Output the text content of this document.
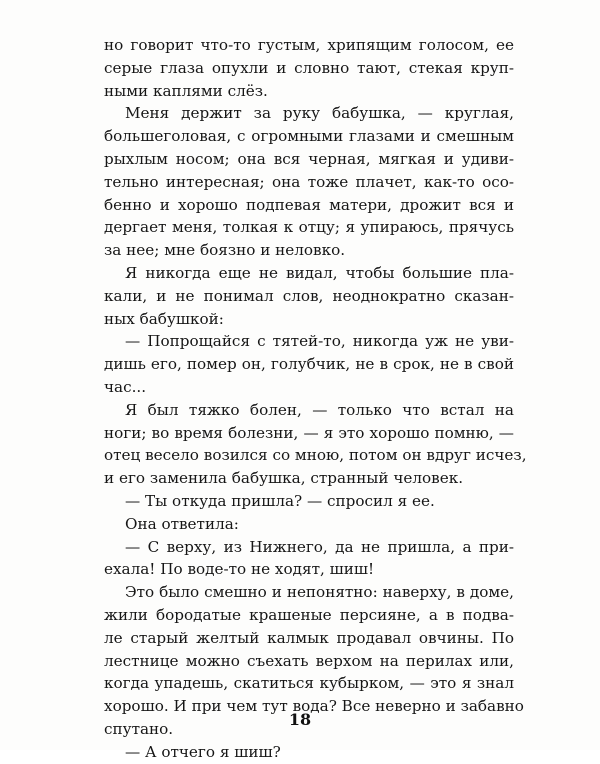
но говорит что-то густым, хрипящим голосом, ее
серые глаза опухли и словно тают, стекая круп-
ными каплями слёз.
Меня держит за руку бабушка, — круглая,
большеголовая, с огромными глазами и смешным
рыхлым носом; она вся черная, мягкая и удиви-
тельно интересная; она тоже плачет, как-то осо-
бенно и хорошо подпевая матери, дрожит вся и
дергает меня, толкая к отцу; я упираюсь, прячусь
за нее; мне боязно и неловко.
Я никогда еще не видал, чтобы большие пла-
кали, и не понимал слов, неоднократно сказан-
ных бабушкой:
— Попрощайся с тятей-то, никогда уж не уви-
дишь его, помер он, голубчик, не в срок, не в свой
час...
Я был тяжко болен, — только что встал на
ноги; во время болезни, — я это хорошо помню, —
отец весело возился со мною, потом он вдруг исчез,
и его заменила бабушка, странный человек.
— Ты откуда пришла? — спросил я ее.
Она ответила:
— С верху, из Нижнего, да не пришла, а при-
ехала! По воде-то не ходят, шиш!
Это было смешно и непонятно: наверху, в доме,
жили бородатые крашеные персияне, а в подва-
ле старый желтый калмык продавал овчины. По
лестнице можно съехать верхом на перилах или,
когда упадешь, скатиться кубырком, — это я знал
хорошо. И при чем тут вода? Все неверно и забавно
спутано.
— А отчего я шиш?
18
